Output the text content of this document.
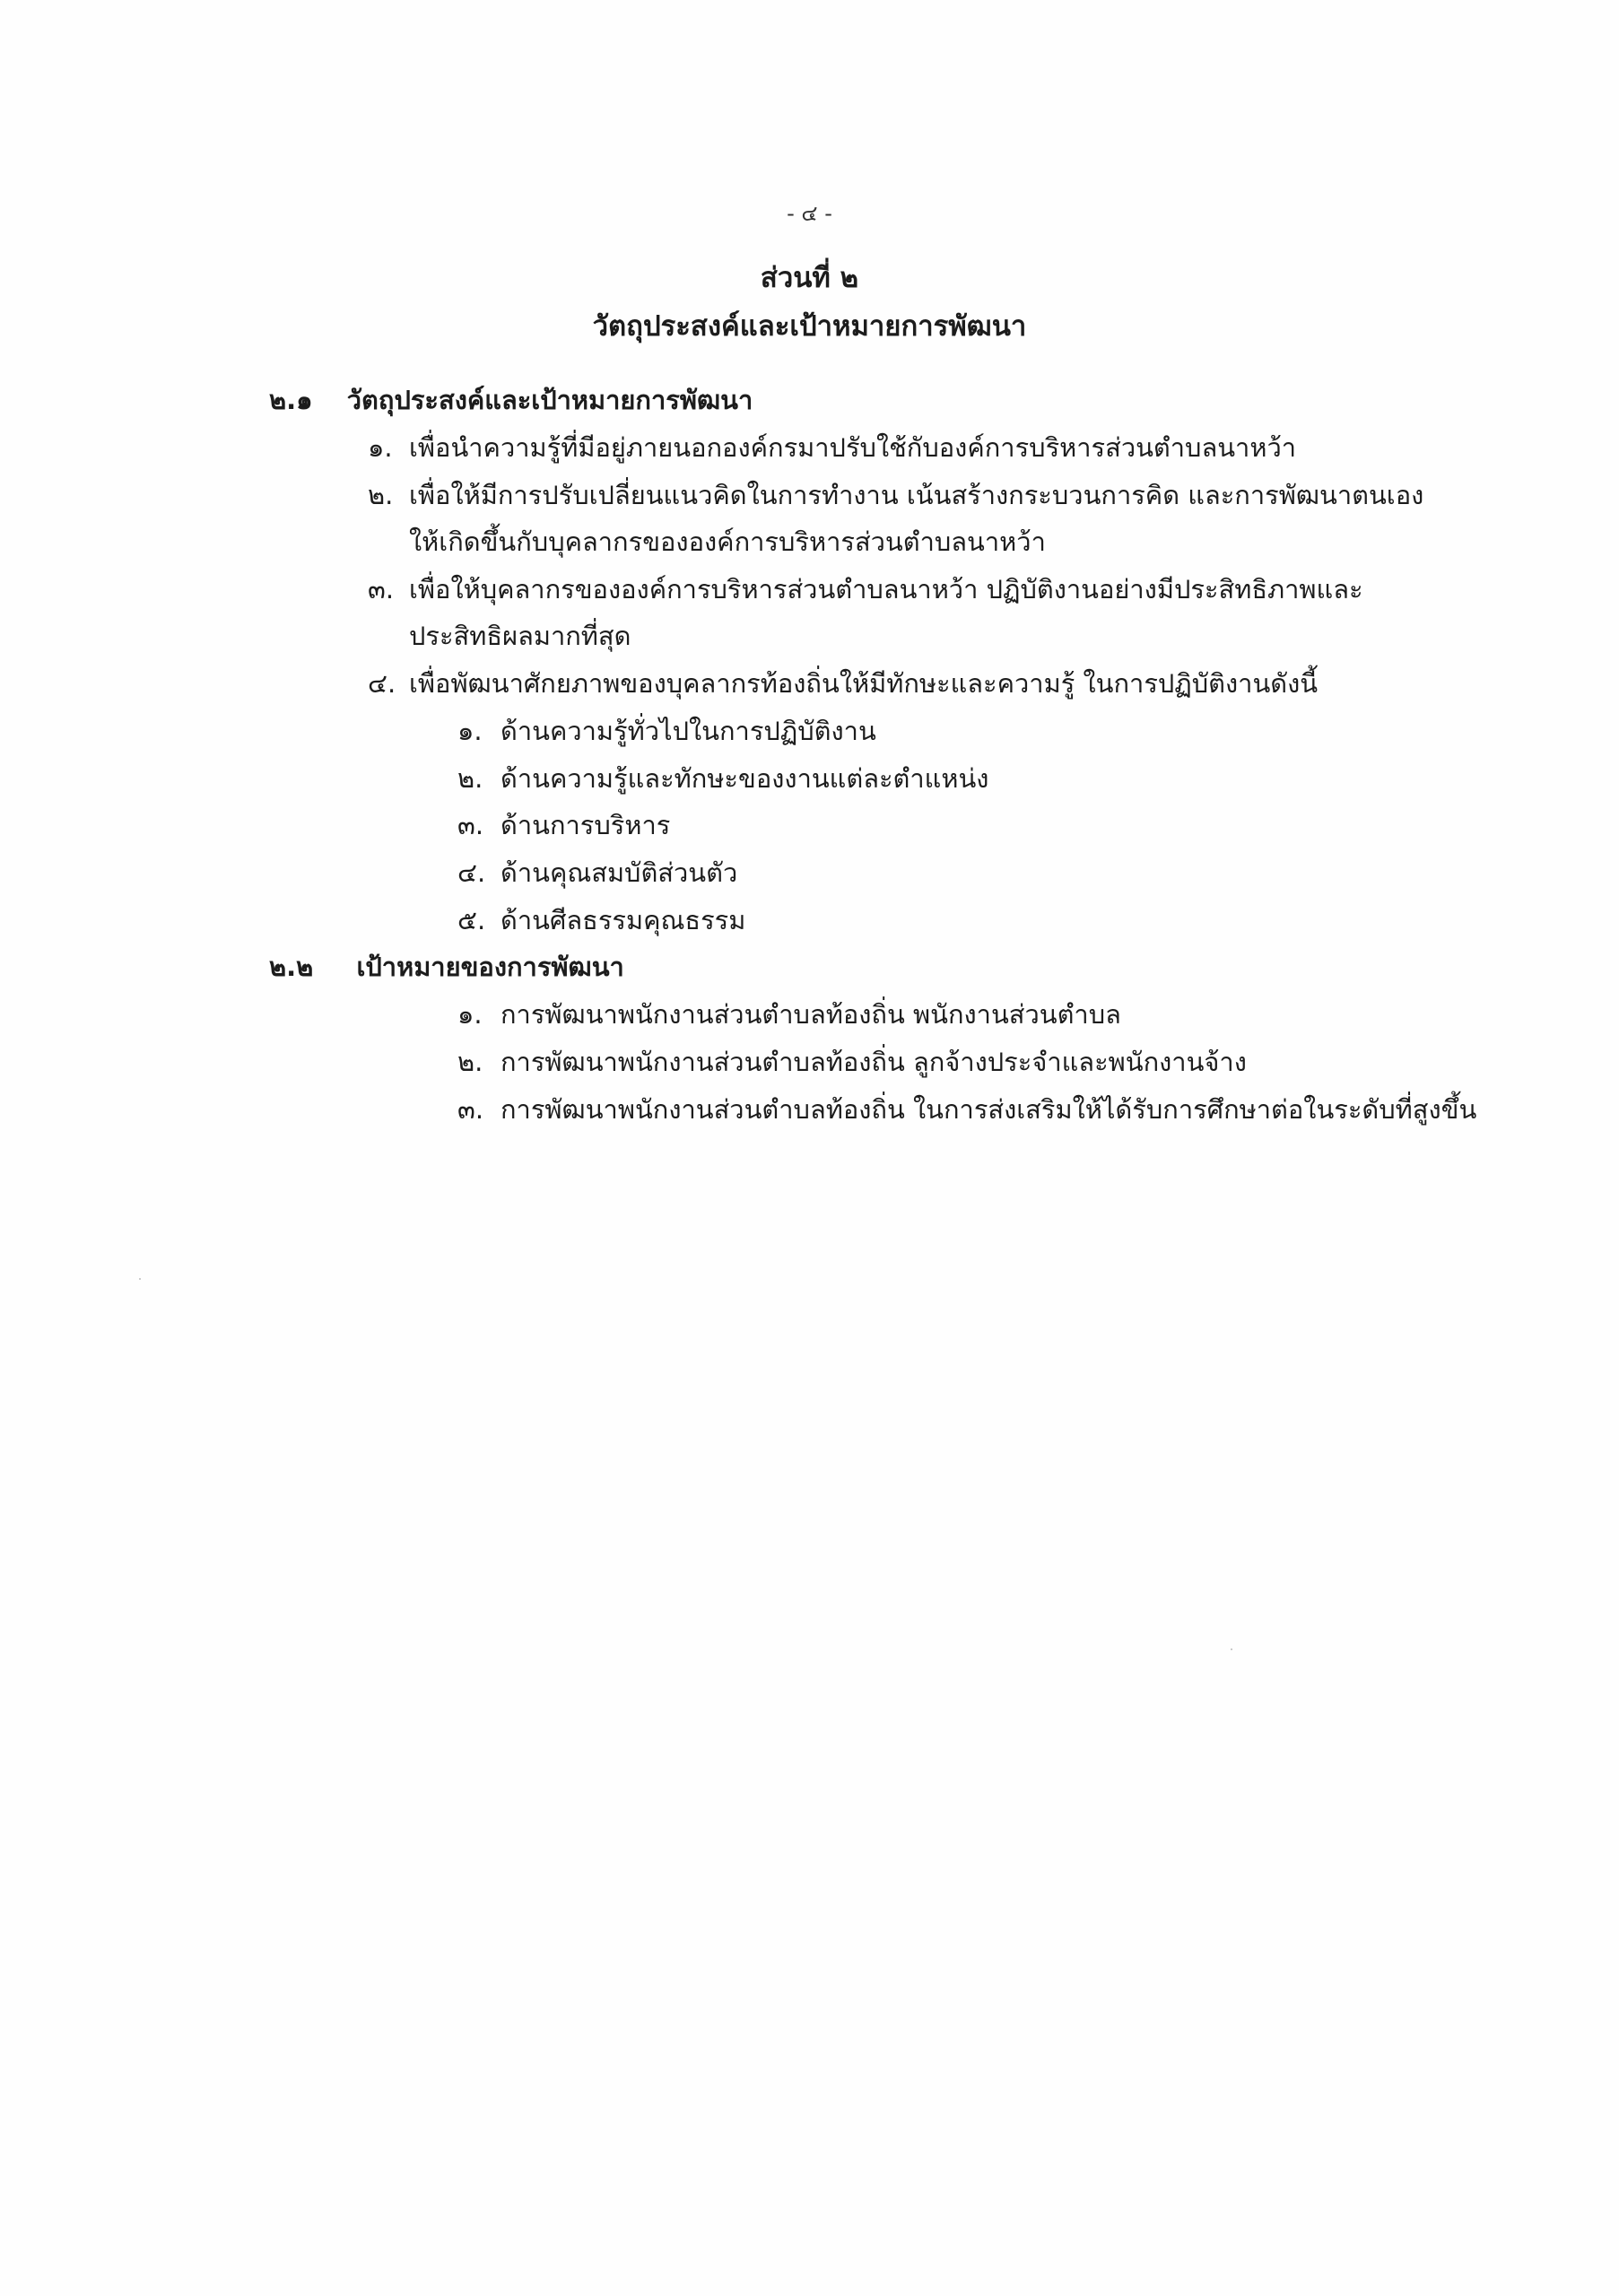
- ๔ -
ส่วนที่ ๒
วัตถุประสงค์และเป้าหมายการพัฒนา
๒.๑ วัตถุประสงค์และเป้าหมายการพัฒนา
๑. เพื่อนำความรู้ที่มีอยู่ภายนอกองค์กรมาปรับใช้กับองค์การบริหารส่วนตำบลนาหว้า
๒. เพื่อให้มีการปรับเปลี่ยนแนวคิดในการทำงาน เน้นสร้างกระบวนการคิด และการพัฒนาตนเอง
ให้เกิดขึ้นกับบุคลากรขององค์การบริหารส่วนตำบลนาหว้า
๓. เพื่อให้บุคลากรขององค์การบริหารส่วนตำบลนาหว้า ปฏิบัติงานอย่างมีประสิทธิภาพและ
ประสิทธิผลมากที่สุด
๔. เพื่อพัฒนาศักยภาพของบุคลากรท้องถิ่นให้มีทักษะและความรู้ ในการปฏิบัติงานดังนี้
๑. ด้านความรู้ทั่วไปในการปฏิบัติงาน
๒. ด้านความรู้และทักษะของงานแต่ละตำแหน่ง
๓. ด้านการบริหาร
๔. ด้านคุณสมบัติส่วนตัว
๕. ด้านศีลธรรมคุณธรรม
๒.๒ เป้าหมายของการพัฒนา
๑. การพัฒนาพนักงานส่วนตำบลท้องถิ่น พนักงานส่วนตำบล
๒. การพัฒนาพนักงานส่วนตำบลท้องถิ่น ลูกจ้างประจำและพนักงานจ้าง
๓. การพัฒนาพนักงานส่วนตำบลท้องถิ่น ในการส่งเสริมให้ได้รับการศึกษาต่อในระดับที่สูงขึ้น
